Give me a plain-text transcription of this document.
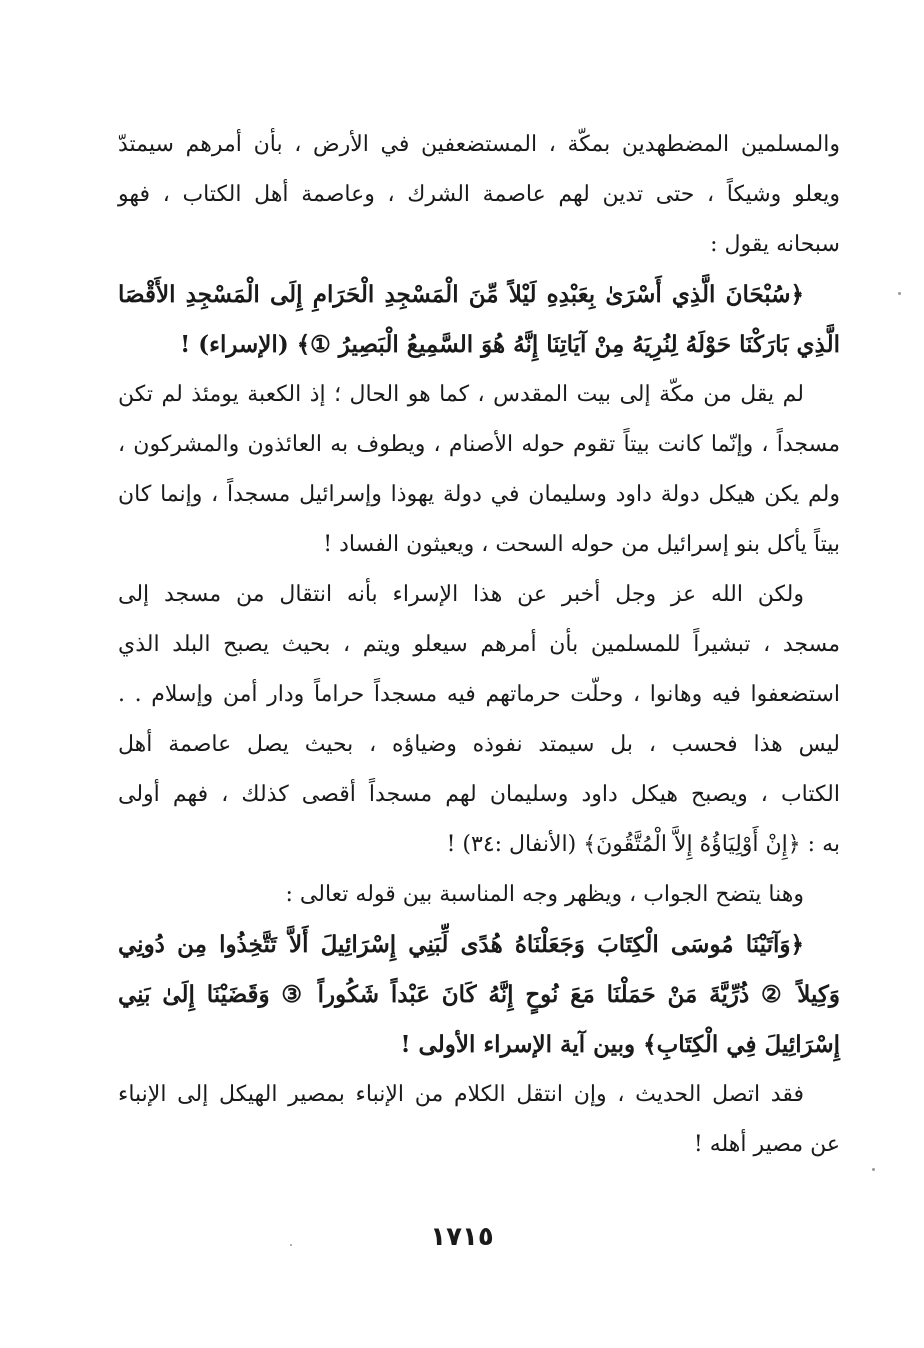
والمسلمين المضطهدين بمكّة ، المستضعفين في الأرض ، بأن أمرهم سيمتدّ
ويعلو وشيكاً ، حتى تدين لهم عاصمة الشرك ، وعاصمة أهل الكتاب ، فهو
سبحانه يقول :
﴿سُبْحَانَ الَّذِي أَسْرَىٰ بِعَبْدِهِ لَيْلاً مِّنَ الْمَسْجِدِ الْحَرَامِ إِلَى الْمَسْجِدِ الأَقْصَا
الَّذِي بَارَكْنَا حَوْلَهُ لِنُرِيَهُ مِنْ آيَاتِنَا إِنَّهُ هُوَ السَّمِيعُ الْبَصِيرُ ①﴾ (الإسراء) !
لم يقل من مكّة إلى بيت المقدس ، كما هو الحال ؛ إذ الكعبة يومئذ لم تكن
مسجداً ، وإنّما كانت بيتاً تقوم حوله الأصنام ، ويطوف به العائذون والمشركون ،
ولم يكن هيكل دولة داود وسليمان في دولة يهوذا وإسرائيل مسجداً ، وإنما كان
بيتاً يأكل بنو إسرائيل من حوله السحت ، ويعيثون الفساد !
ولكن الله عز وجل أخبر عن هذا الإسراء بأنه انتقال من مسجد إلى
مسجد ، تبشيراً للمسلمين بأن أمرهم سيعلو ويتم ، بحيث يصبح البلد الذي
استضعفوا فيه وهانوا ، وحلّت حرماتهم فيه مسجداً حراماً ودار أمن وإسلام . .
ليس هذا فحسب ، بل سيمتد نفوذه وضياؤه ، بحيث يصل عاصمة أهل
الكتاب ، ويصبح هيكل داود وسليمان لهم مسجداً أقصى كذلك ، فهم أولى
به : ﴿إِنْ أَوْلِيَاؤُهُ إِلاَّ الْمُتَّقُونَ﴾ (الأنفال :٣٤) !
وهنا يتضح الجواب ، ويظهر وجه المناسبة بين قوله تعالى :
﴿وَآتَيْنَا مُوسَى الْكِتَابَ وَجَعَلْنَاهُ هُدًى لِّبَنِي إِسْرَائِيلَ أَلاَّ تَتَّخِذُوا مِن دُونِي
وَكِيلاً ② ذُرِّيَّةَ مَنْ حَمَلْنَا مَعَ نُوحٍ إِنَّهُ كَانَ عَبْداً شَكُوراً ③ وَقَضَيْنَا إِلَىٰ بَنِي
إِسْرَائِيلَ فِي الْكِتَابِ﴾ وبين آية الإسراء الأولى !
فقد اتصل الحديث ، وإن انتقل الكلام من الإنباء بمصير الهيكل إلى الإنباء
عن مصير أهله !
١٧١٥
